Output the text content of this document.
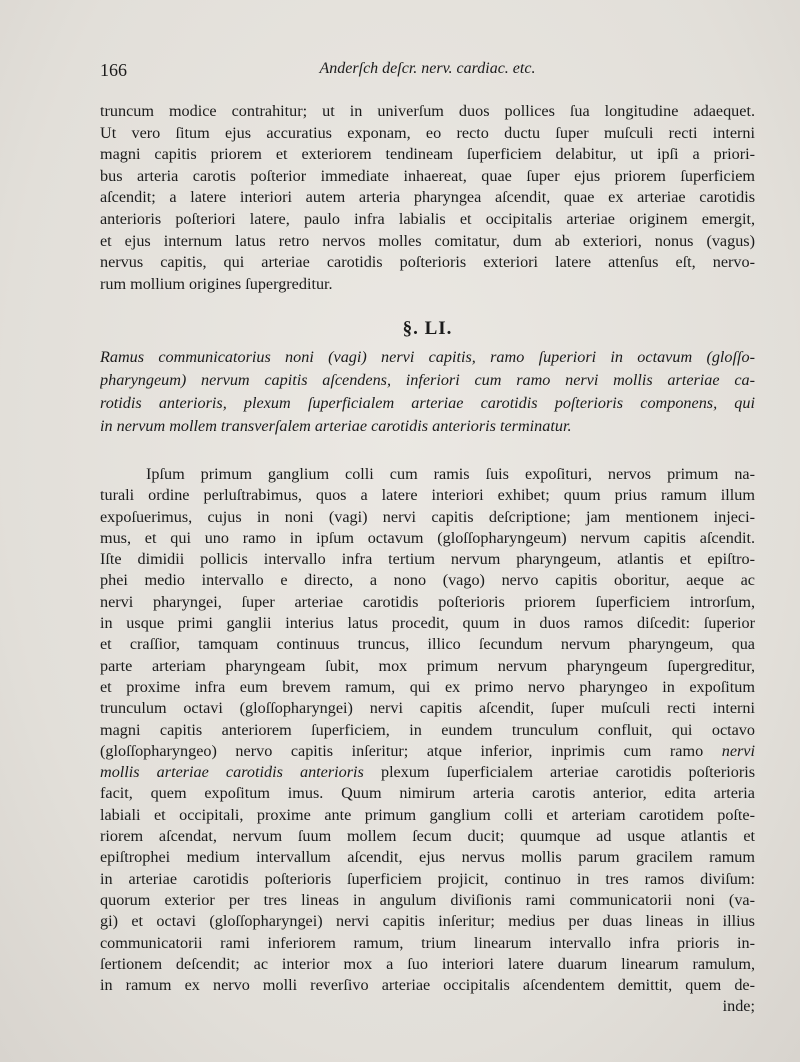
166	Anderſch deſcr. nerv. cardiac. etc.
truncum modice contrahitur; ut in univerſum duos pollices ſua longitudine adaequet.
Ut vero ſitum ejus accuratius exponam, eo recto ductu ſuper muſculi recti interni
magni capitis priorem et exteriorem tendineam ſuperficiem delabitur, ut ipſi a priori-
bus arteria carotis poſterior immediate inhaereat, quae ſuper ejus priorem ſuperficiem
aſcendit; a latere interiori autem arteria pharyngea aſcendit, quae ex arteriae carotidis
anterioris poſteriori latere, paulo infra labialis et occipitalis arteriae originem emergit,
et ejus internum latus retro nervos molles comitatur, dum ab exteriori, nonus (vagus)
nervus capitis, qui arteriae carotidis poſterioris exteriori latere attenſus eſt, nervo-
rum mollium origines ſupergreditur.
§. LI.
Ramus communicatorius noni (vagi) nervi capitis, ramo ſuperiori in octavum (gloſſo-
pharyngeum) nervum capitis aſcendens, inferiori cum ramo nervi mollis arteriae ca-
rotidis anterioris, plexum ſuperficialem arteriae carotidis poſterioris componens, qui
in nervum mollem transverſalem arteriae carotidis anterioris terminatur.
Ipſum primum ganglium colli cum ramis ſuis expoſituri, nervos primum na-
turali ordine perluſtrabimus, quos a latere interiori exhibet; quum prius ramum illum
expoſuerimus, cujus in noni (vagi) nervi capitis deſcriptione; jam mentionem injeci-
mus, et qui uno ramo in ipſum octavum (gloſſopharyngeum) nervum capitis aſcendit.
Iſte dimidii pollicis intervallo infra tertium nervum pharyngeum, atlantis et epiſtro-
phei medio intervallo e directo, a nono (vago) nervo capitis oboritur, aeque ac
nervi pharyngei, ſuper arteriae carotidis poſterioris priorem ſuperficiem introrſum,
in usque primi ganglii interius latus procedit, quum in duos ramos diſcedit: ſuperior
et craſſior, tamquam continuus truncus, illico ſecundum nervum pharyngeum, qua
parte arteriam pharyngeam ſubit, mox primum nervum pharyngeum ſupergreditur,
et proxime infra eum brevem ramum, qui ex primo nervo pharyngeo in expoſitum
trunculum octavi (gloſſopharyngei) nervi capitis aſcendit, ſuper muſculi recti interni
magni capitis anteriorem ſuperficiem, in eundem trunculum confluit, qui octavo
(gloſſopharyngeo) nervo capitis inſeritur; atque inferior, inprimis cum ramo nervi
mollis arteriae carotidis anterioris plexum ſuperficialem arteriae carotidis poſterioris
facit, quem expoſitum imus. Quum nimirum arteria carotis anterior, edita arteria
labiali et occipitali, proxime ante primum ganglium colli et arteriam carotidem poſte-
riorem aſcendat, nervum ſuum mollem ſecum ducit; quumque ad usque atlantis et
epiſtrophei medium intervallum aſcendit, ejus nervus mollis parum gracilem ramum
in arteriae carotidis poſterioris ſuperficiem projicit, continuo in tres ramos diviſum:
quorum exterior per tres lineas in angulum diviſionis rami communicatorii noni (va-
gi) et octavi (gloſſopharyngei) nervi capitis inſeritur; medius per duas lineas in illius
communicatorii rami inferiorem ramum, trium linearum intervallo infra prioris in-
ſertionem deſcendit; ac interior mox a ſuo interiori latere duarum linearum ramulum,
in ramum ex nervo molli reverſivo arteriae occipitalis aſcendentem demittit, quem de-
inde;
